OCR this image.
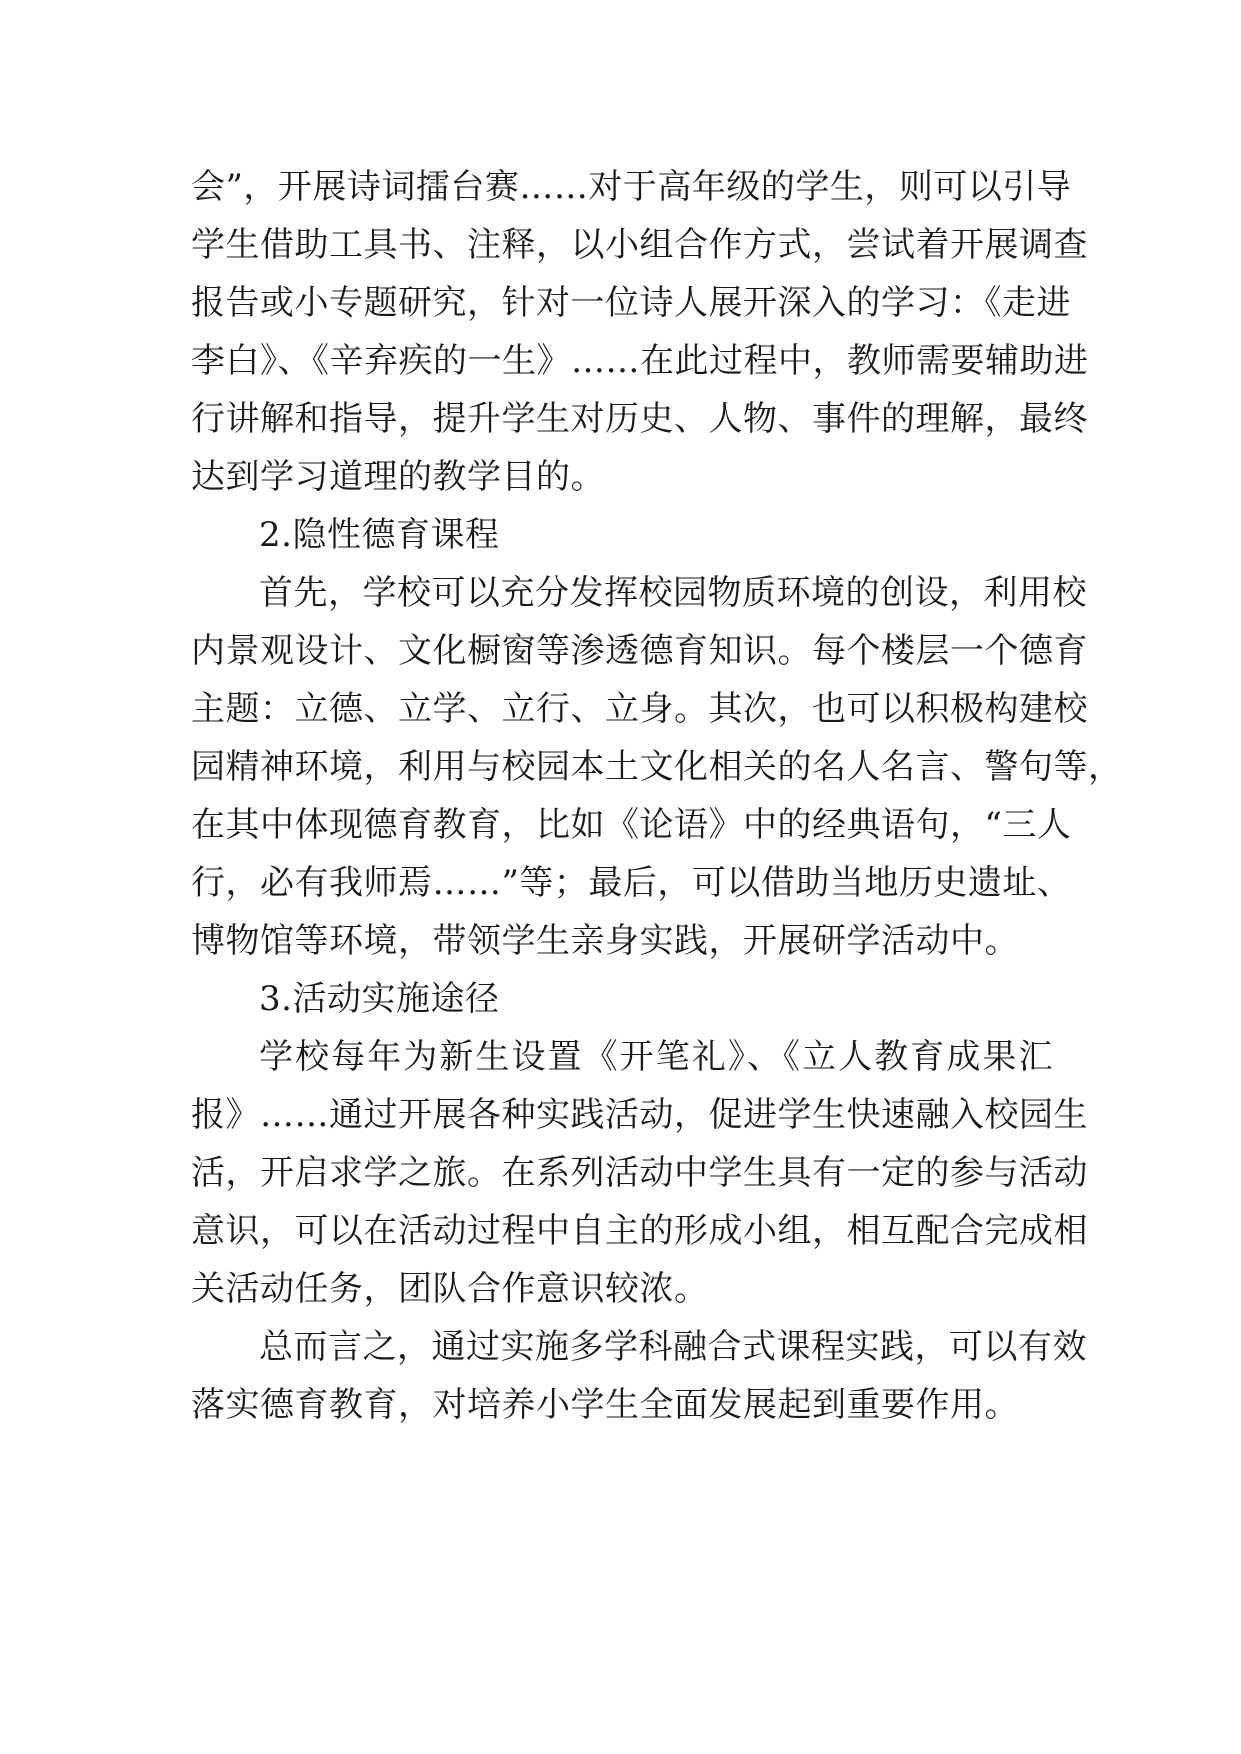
会”，开展诗词擂台赛……对于高年级的学生，则可以引导
学生借助工具书、注释，以小组合作方式，尝试着开展调查
报告或小专题研究，针对一位诗人展开深入的学习：《走进
李白》、《辛弃疾的一生》……在此过程中，教师需要辅助进
行讲解和指导，提升学生对历史、人物、事件的理解，最终
达到学习道理的教学目的。
2.隐性德育课程
首先，学校可以充分发挥校园物质环境的创设，利用校
内景观设计、文化橱窗等渗透德育知识。每个楼层一个德育
主题：立德、立学、立行、立身。其次，也可以积极构建校
园精神环境，利用与校园本土文化相关的名人名言、警句等，
在其中体现德育教育，比如《论语》中的经典语句，“三人
行，必有我师焉……”等；最后，可以借助当地历史遗址、
博物馆等环境，带领学生亲身实践，开展研学活动中。
3.活动实施途径
学校每年为新生设置《开笔礼》、《立人教育成果汇
报》……通过开展各种实践活动，促进学生快速融入校园生
活，开启求学之旅。在系列活动中学生具有一定的参与活动
意识，可以在活动过程中自主的形成小组，相互配合完成相
关活动任务，团队合作意识较浓。
总而言之，通过实施多学科融合式课程实践，可以有效
落实德育教育，对培养小学生全面发展起到重要作用。
